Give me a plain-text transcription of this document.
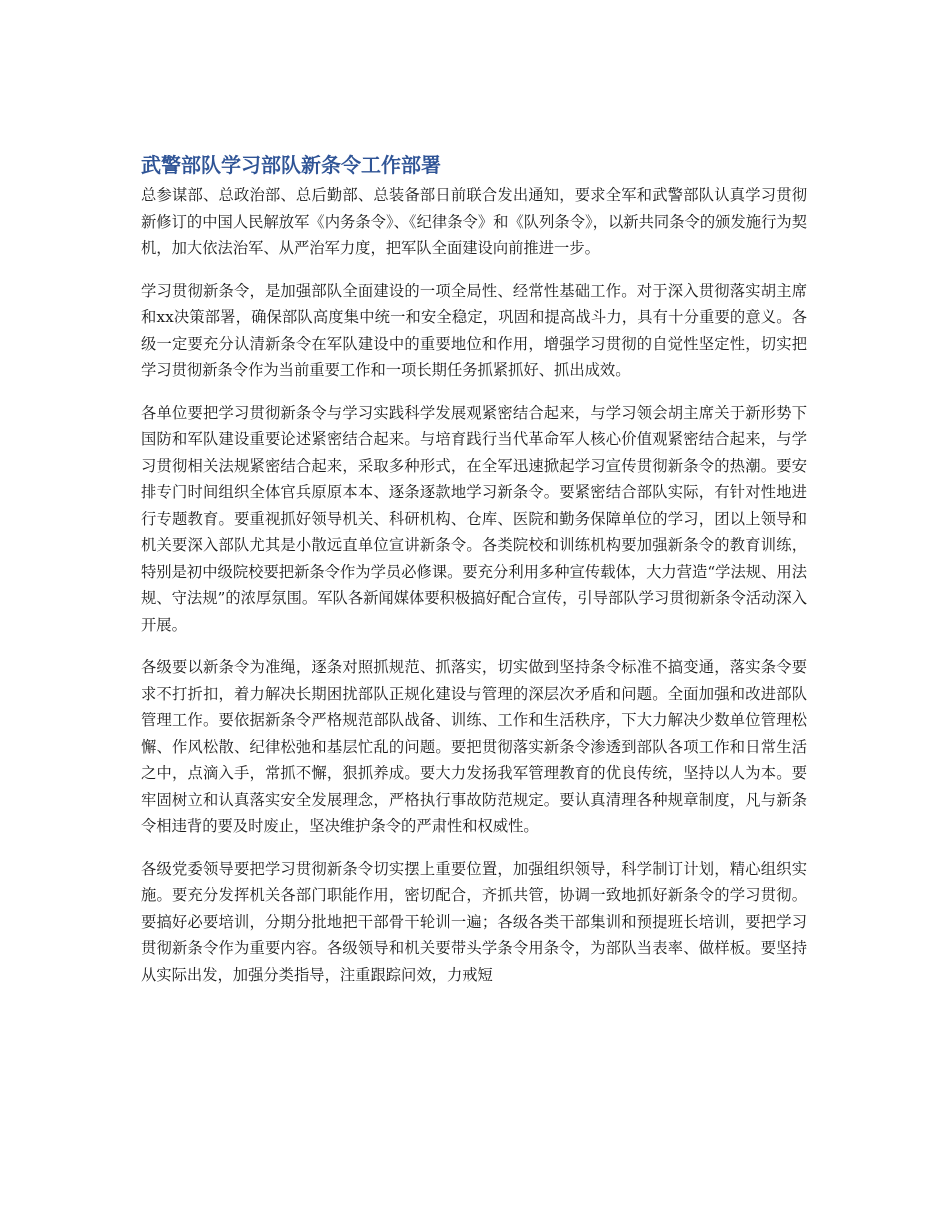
武警部队学习部队新条令工作部署

总参谋部、总政治部、总后勤部、总装备部日前联合发出通知，要求全军和武警部队认真学习贯彻新修订的中国人民解放军《内务条令》、《纪律条令》和《队列条令》，以新共同条令的颁发施行为契机，加大依法治军、从严治军力度，把军队全面建设向前推进一步。

学习贯彻新条令，是加强部队全面建设的一项全局性、经常性基础工作。对于深入贯彻落实胡主席和xx决策部署，确保部队高度集中统一和安全稳定，巩固和提高战斗力，具有十分重要的意义。各级一定要充分认清新条令在军队建设中的重要地位和作用，增强学习贯彻的自觉性坚定性，切实把学习贯彻新条令作为当前重要工作和一项长期任务抓紧抓好、抓出成效。

各单位要把学习贯彻新条令与学习实践科学发展观紧密结合起来，与学习领会胡主席关于新形势下国防和军队建设重要论述紧密结合起来。与培育践行当代革命军人核心价值观紧密结合起来，与学习贯彻相关法规紧密结合起来，采取多种形式，在全军迅速掀起学习宣传贯彻新条令的热潮。要安排专门时间组织全体官兵原原本本、逐条逐款地学习新条令。要紧密结合部队实际，有针对性地进行专题教育。要重视抓好领导机关、科研机构、仓库、医院和勤务保障单位的学习，团以上领导和机关要深入部队尤其是小散远直单位宣讲新条令。各类院校和训练机构要加强新条令的教育训练，特别是初中级院校要把新条令作为学员必修课。要充分利用多种宣传载体，大力营造“学法规、用法规、守法规”的浓厚氛围。军队各新闻媒体要积极搞好配合宣传，引导部队学习贯彻新条令活动深入开展。

各级要以新条令为准绳，逐条对照抓规范、抓落实，切实做到坚持条令标准不搞变通，落实条令要求不打折扣，着力解决长期困扰部队正规化建设与管理的深层次矛盾和问题。全面加强和改进部队管理工作。要依据新条令严格规范部队战备、训练、工作和生活秩序，下大力解决少数单位管理松懈、作风松散、纪律松弛和基层忙乱的问题。要把贯彻落实新条令渗透到部队各项工作和日常生活之中，点滴入手，常抓不懈，狠抓养成。要大力发扬我军管理教育的优良传统，坚持以人为本。要牢固树立和认真落实安全发展理念，严格执行事故防范规定。要认真清理各种规章制度，凡与新条令相违背的要及时废止，坚决维护条令的严肃性和权威性。

各级党委领导要把学习贯彻新条令切实摆上重要位置，加强组织领导，科学制订计划，精心组织实施。要充分发挥机关各部门职能作用，密切配合，齐抓共管，协调一致地抓好新条令的学习贯彻。要搞好必要培训，分期分批地把干部骨干轮训一遍；各级各类干部集训和预提班长培训，要把学习贯彻新条令作为重要内容。各级领导和机关要带头学条令用条令，为部队当表率、做样板。要坚持从实际出发，加强分类指导，注重跟踪问效，力戒短
